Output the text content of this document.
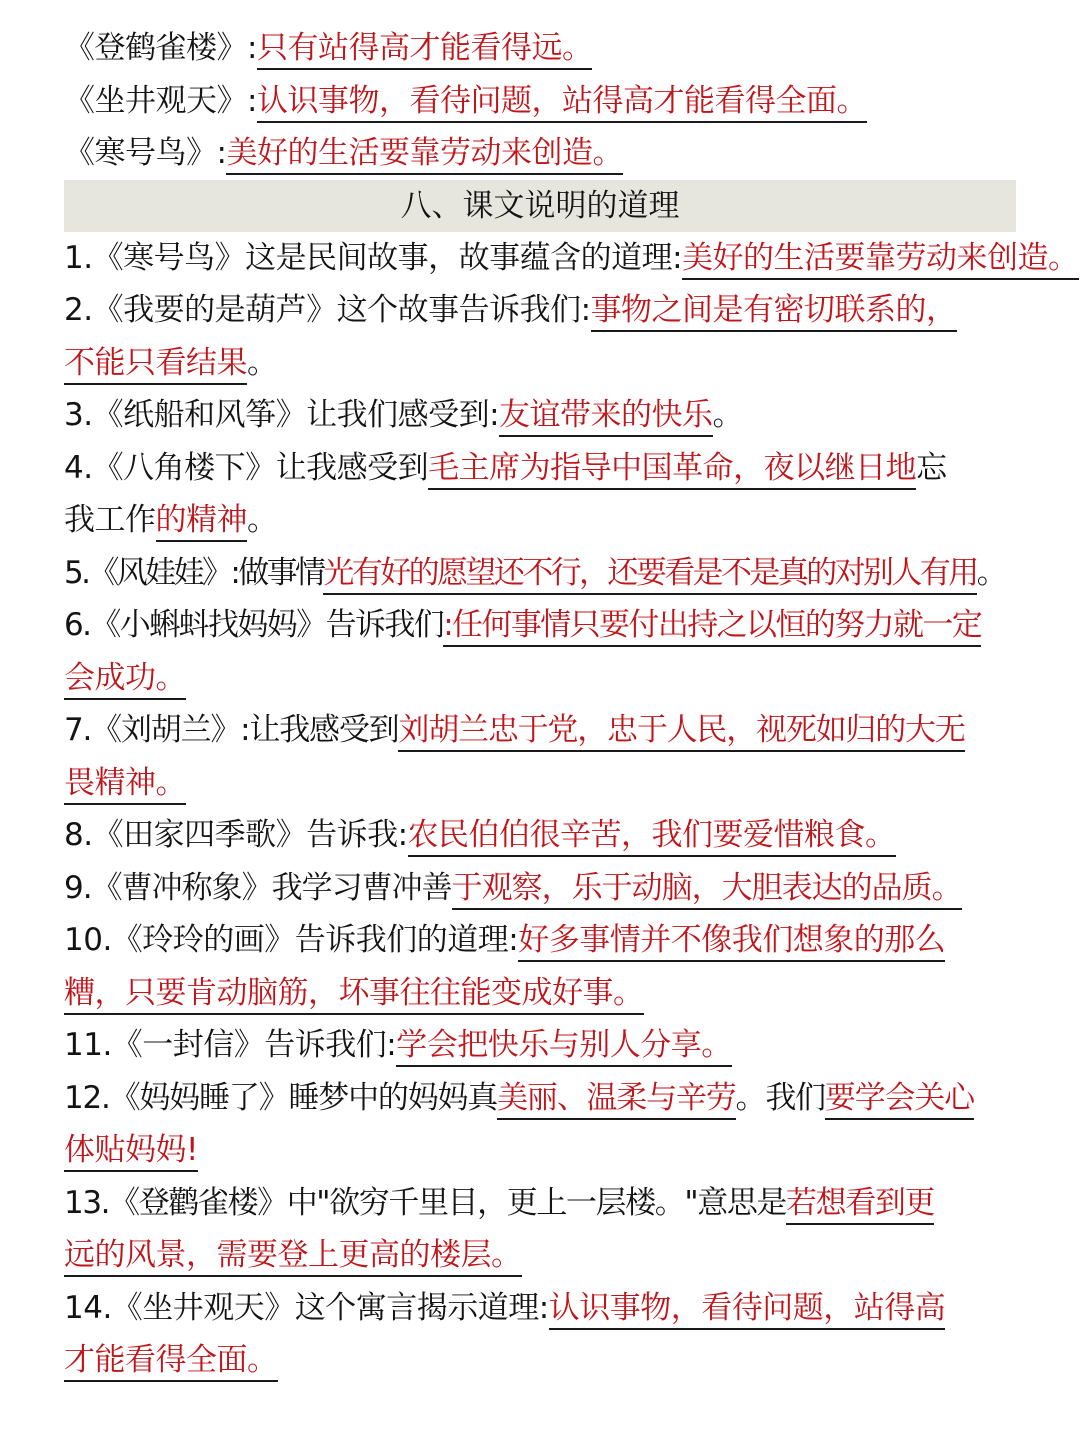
《登鹤雀楼》:只有站得高才能看得远。
《坐井观天》:认识事物，看待问题，站得高才能看得全面。
《寒号鸟》:美好的生活要靠劳动来创造。
八、课文说明的道理
1.《寒号鸟》这是民间故事，故事蕴含的道理:美好的生活要靠劳动来创造。
2.《我要的是葫芦》这个故事告诉我们:事物之间是有密切联系的，
不能只看结果。
3.《纸船和风筝》让我们感受到:友谊带来的快乐。
4.《八角楼下》让我感受到毛主席为指导中国革命，夜以继日地忘
我工作的精神。
5.《风娃娃》:做事情光有好的愿望还不行，还要看是不是真的对别人有用。
6.《小蝌蚪找妈妈》告诉我们:任何事情只要付出持之以恒的努力就一定
会成功。
7.《刘胡兰》:让我感受到刘胡兰忠于党，忠于人民，视死如归的大无
畏精神。
8.《田家四季歌》告诉我:农民伯伯很辛苦，我们要爱惜粮食。
9.《曹冲称象》我学习曹冲善于观察，乐于动脑，大胆表达的品质。
10.《玲玲的画》告诉我们的道理:好多事情并不像我们想象的那么
糟，只要肯动脑筋，坏事往往能变成好事。
11.《一封信》告诉我们:学会把快乐与别人分享。
12.《妈妈睡了》睡梦中的妈妈真美丽、温柔与辛劳。我们要学会关心
体贴妈妈!
13.《登鹳雀楼》中"欲穷千里目，更上一层楼。"意思是若想看到更
远的风景，需要登上更高的楼层。
14.《坐井观天》这个寓言揭示道理:认识事物，看待问题，站得高
才能看得全面。
